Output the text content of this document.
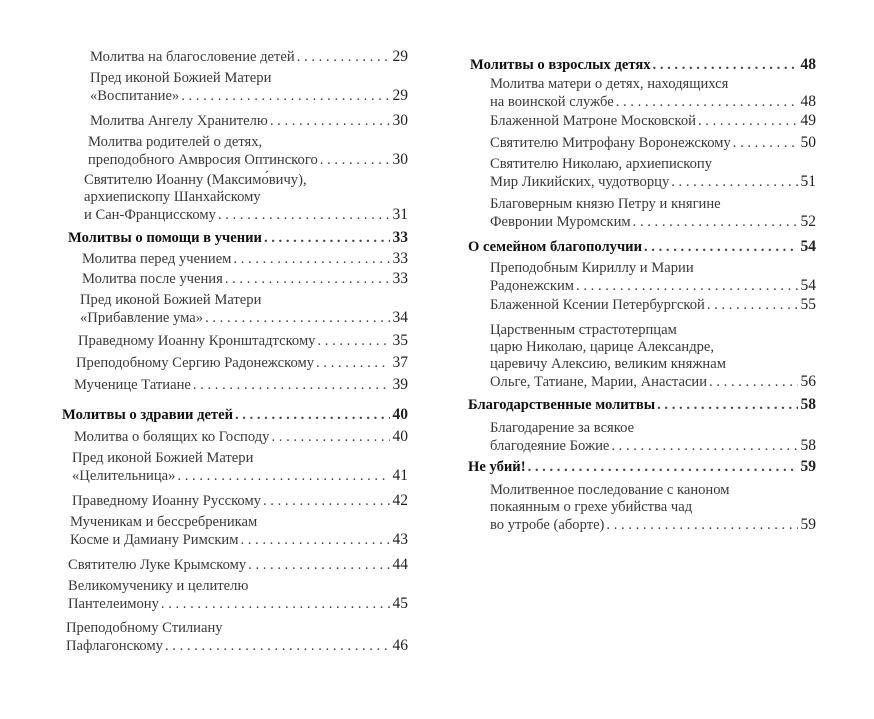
Молитва на благословение детей . . .	29
Пред иконой Божией Матери
«Воспитание» . . .	29
Молитва Ангелу Хранителю . . .	30
Молитва родителей о детях,
преподобного Амвросия Оптинского . . .	30
Святителю Иоанну (Максимо́вичу),
архиепископу Шанхайскому
и Сан-Францисскому . . .	31
Молитвы о помощи в учении . . .	33
Молитва перед учением . . .	33
Молитва после учения . . .	33
Пред иконой Божией Матери
«Прибавление ума» . . .	34
Праведному Иоанну Кронштадтскому . . .	35
Преподобному Сергию Радонежскому . . .	37
Мученице Татиане . . .	39
Молитвы о здравии детей . . .	40
Молитва о болящих ко Господу . . .	40
Пред иконой Божией Матери
«Целительница» . . .	41
Праведному Иоанну Русскому . . .	42
Мученикам и бессребреникам
Косме и Дамиану Римским . . .	43
Святителю Луке Крымскому . . .	44
Великомученику и целителю
Пантелеимону . . .	45
Преподобному Стилиану
Пафлагонскому . . .	46
Молитвы о взрослых детях . . .	48
Молитва матери о детях, находящихся
на воинской службе . . .	48
Блаженной Матроне Московской . . .	49
Святителю Митрофану Воронежскому . . .	50
Святителю Николаю, архиепископу
Мир Ликийских, чудотворцу . . .	51
Благоверным князю Петру и княгине
Февронии Муромским . . .	52
О семейном благополучии . . .	54
Преподобным Кириллу и Марии
Радонежским . . .	54
Блаженной Ксении Петербургской . . .	55
Царственным страстотерпцам
царю Николаю, царице Александре,
царевичу Алексию, великим княжнам
Ольге, Татиане, Марии, Анастасии . . .	56
Благодарственные молитвы . . .	58
Благодарение за всякое
благодеяние Божие . . .	58
Не убий! . . .	59
Молитвенное последование с каноном
покаянным о грехе убийства чад
во утробе (аборте) . . .	59
